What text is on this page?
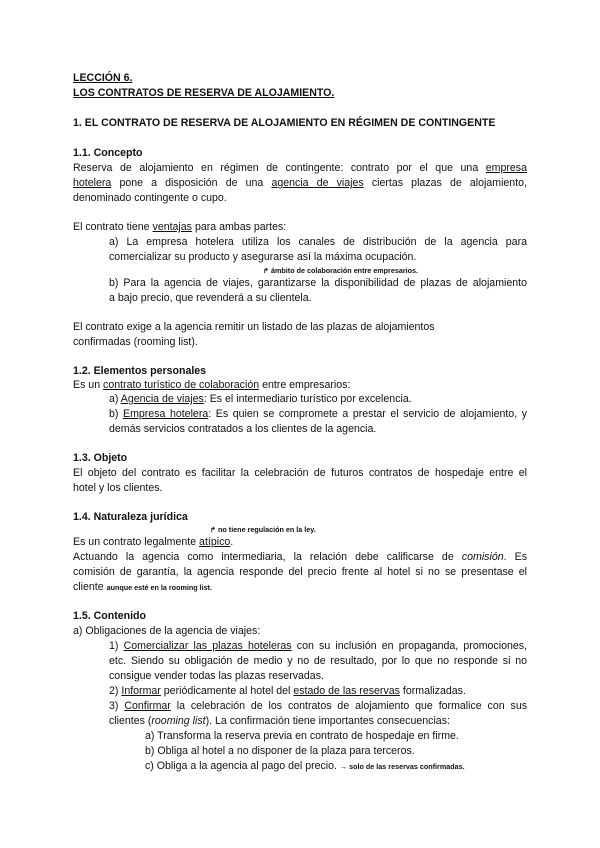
LECCIÓN 6.
LOS CONTRATOS DE RESERVA DE ALOJAMIENTO.
1. EL CONTRATO DE RESERVA DE ALOJAMIENTO EN RÉGIMEN DE CONTINGENTE
1.1. Concepto
Reserva de alojamiento en régimen de contingente: contrato por el que una empresa
hotelera pone a disposición de una agencia de viajes ciertas plazas de alojamiento,
denominado contingente o cupo.
El contrato tiene ventajas para ambas partes:
a) La empresa hotelera utiliza los canales de distribución de la agencia para
comercializar su producto y asegurarse así la máxima ocupación.
↱ ámbito de colaboración entre empresarios.
b) Para la agencia de viajes, garantizarse la disponibilidad de plazas de alojamiento
a bajo precio, que revenderá a su clientela.
El contrato exige a la agencia remitir un listado de las plazas de alojamientos
confirmadas (rooming list).
1.2. Elementos personales
Es un contrato turístico de colaboración entre empresarios:
a) Agencia de viajes: Es el intermediario turístico por excelencia.
b) Empresa hotelera: Es quien se compromete a prestar el servicio de alojamiento, y
demás servicios contratados a los clientes de la agencia.
1.3. Objeto
El objeto del contrato es facilitar la celebración de futuros contratos de hospedaje entre el
hotel y los clientes.
1.4. Naturaleza jurídica
↱ no tiene regulación en la ley.
Es un contrato legalmente atípico.
Actuando la agencia como intermediaria, la relación debe calificarse de comisión. Es
comisión de garantía, la agencia responde del precio frente al hotel si no se presentase el
cliente aunque esté en la rooming list.
1.5. Contenido
a) Obligaciones de la agencia de viajes:
1) Comercializar las plazas hoteleras con su inclusión en propaganda, promociones,
etc. Siendo su obligación de medio y no de resultado, por lo que no responde si no
consigue vender todas las plazas reservadas.
2) Informar periódicamente al hotel del estado de las reservas formalizadas.
3) Confirmar la celebración de los contratos de alojamiento que formalice con sus
clientes (rooming list). La confirmación tiene importantes consecuencias:
a) Transforma la reserva previa en contrato de hospedaje en firme.
b) Obliga al hotel a no disponer de la plaza para terceros.
c) Obliga a la agencia al pago del precio. → solo de las reservas confirmadas.
